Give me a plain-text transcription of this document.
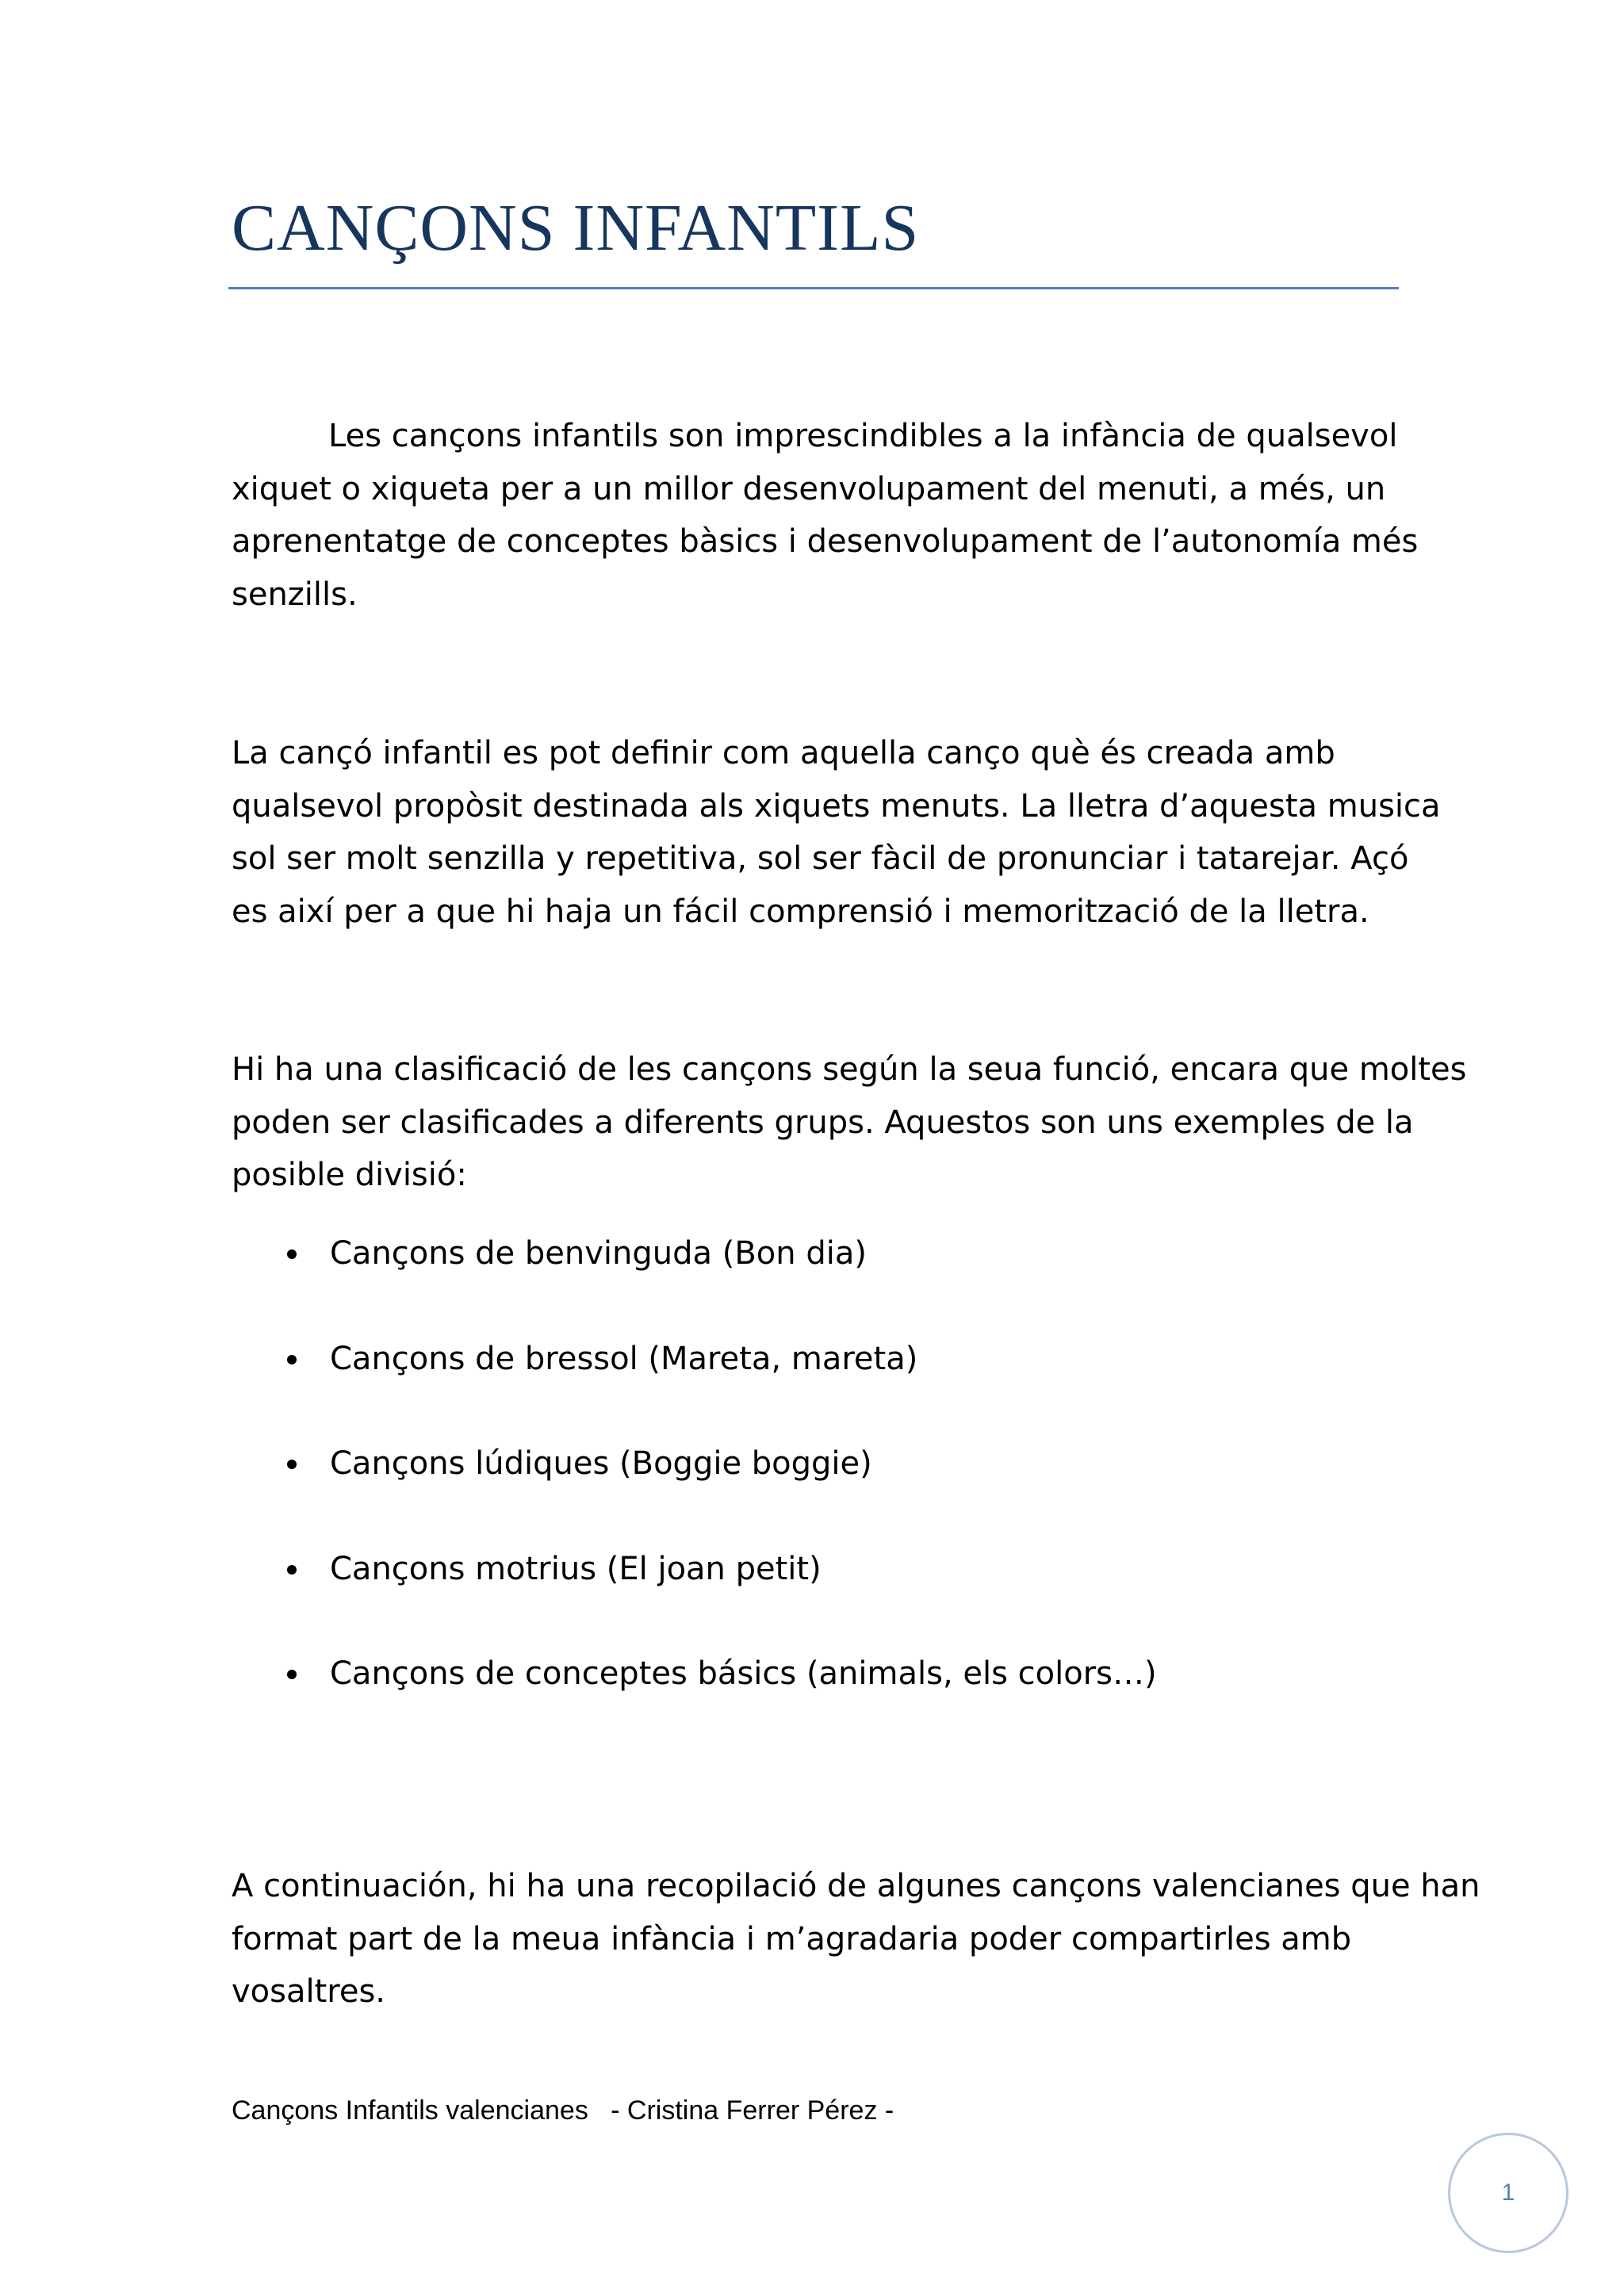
CANÇONS INFANTILS

Les cançons infantils son imprescindibles a la infància de qualsevol
xiquet o xiqueta per a un millor desenvolupament del menuti, a més, un
aprenentatge de conceptes bàsics i desenvolupament de l’autonomía més
senzills.

La cançó infantil es pot definir com aquella canço què és creada amb
qualsevol propòsit destinada als xiquets menuts. La lletra d’aquesta musica
sol ser molt senzilla y repetitiva, sol ser fàcil de pronunciar i tatarejar. Açó
es així per a que hi haja un fácil comprensió i memorització de la lletra.

Hi ha una clasificació de les cançons según la seua funció, encara que moltes
poden ser clasificades a diferents grups. Aquestos son uns exemples de la
posible divisió:

Cançons de benvinguda (Bon dia)
Cançons de bressol (Mareta, mareta)
Cançons lúdiques (Boggie boggie)
Cançons motrius (El joan petit)
Cançons de conceptes básics (animals, els colors…)

A continuación, hi ha una recopilació de algunes cançons valencianes que han
format part de la meua infància i m’agradaria poder compartirles amb
vosaltres.

Cançons Infantils valencianes   - Cristina Ferrer Pérez -
1
